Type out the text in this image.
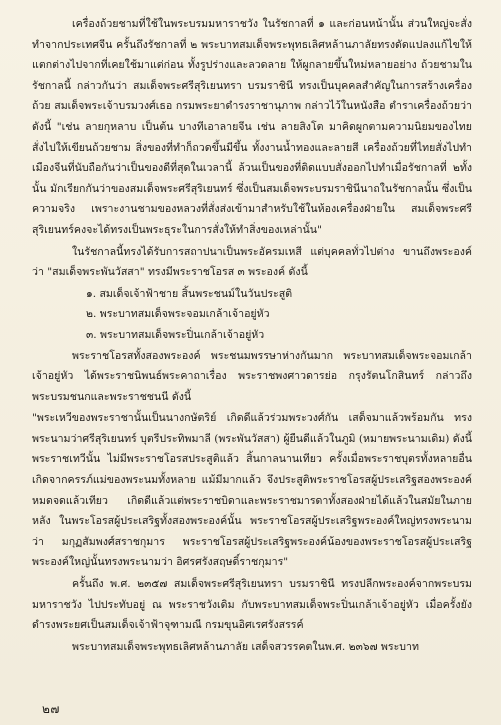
เครื่องถ้วยชามที่ใช้ในพระบรมมหาราชวัง ในรัชกาลที่ ๑ และก่อนหน้านั้น ส่วนใหญ่จะสั่งทำจากประเทศจีน ครั้นถึงรัชกาลที่ ๒ พระบาทสมเด็จพระพุทธเลิศหล้านภาลัยทรงดัดแปลงแก้ไขให้แตกต่างไปจากที่เคยใช้มาแต่ก่อน ทั้งรูปร่างและลวดลาย ให้ผูกลายขึ้นใหม่หลายอย่าง ถ้วยชามในรัชกาลนี้ กล่าวกันว่า สมเด็จพระศรีสุริเยนทรา บรมราชินี ทรงเป็นบุคคลสำคัญในการสร้างเครื่องถ้วย สมเด็จพระเจ้าบรมวงศ์เธอ กรมพระยาดำรงราชานุภาพ กล่าวไว้ในหนังสือ ตำราเครื่องถ้วยว่าดังนี้ "เช่น ลายกุหลาบ เป็นต้น บางทีเอาลายจีน เช่น ลายสิงโต มาคิดผูกตามความนิยมของไทย สั่งไปให้เขียนถ้วยชาม สิ่งของที่ทำก็ถวดขึ้นมีขึ้น ทั้งงานน้ำทองและลายสี เครื่องถ้วยที่ไทยสั่งไปทำเมืองจีนที่นับถือกันว่าเป็นของดีที่สุดในเวลานี้ ล้วนเป็นของที่ติดแบบสั่งออกไปทำเมื่อรัชกาลที่ ๒ทั้งนั้น มักเรียกกันว่าของสมเด็จพระศรีสุริเยนทร์ ซึ่งเป็นสมเด็จพระบรมราชินีนาถในรัชกาลนั้น ซึ่งเป็นความจริง เพราะงานชามของหลวงที่สั่งส่งเข้ามาสำหรับใช้ในห้องเครื่องฝ่ายใน สมเด็จพระศรีสุริเยนทร์คงจะได้ทรงเป็นพระธุระในการสั่งให้ทำสิ่งของเหล่านั้น"

ในรัชกาลนี้ทรงได้รับการสถาปนาเป็นพระอัครมเหสี แต่บุคคลทั่วไปต่าง ขานถึงพระองค์ว่า "สมเด็จพระพันวัสสา" ทรงมีพระราชโอรส ๓ พระองค์ ดังนี้

๑. สมเด็จเจ้าฟ้าชาย สิ้นพระชนม์ในวันประสูติ
๒. พระบาทสมเด็จพระจอมเกล้าเจ้าอยู่หัว
๓. พระบาทสมเด็จพระปิ่นเกล้าเจ้าอยู่หัว

พระราชโอรสทั้งสองพระองค์ พระชนมพรรษาห่างกันมาก พระบาทสมเด็จพระจอมเกล้าเจ้าอยู่หัว ได้พระราชนิพนธ์พระคาถาเรื่อง พระราชพงศาวดารย่อ กรุงรัตนโกสินทร์ กล่าวถึงพระบรมชนกและพระราชชนนี ดังนี้

"พระเหวีของพระราชานั้นเป็นนางกษัตริย์ เกิดดีแล้วร่วมพระวงศ์กัน เสด็จมาแล้วพร้อมกัน ทรงพระนามว่าศรีสุริเยนทร์ บุตรีประทิพมาลี (พระพันวัสสา) ผู้ยืนดีแล้วในภูมิ (หมายพระนามเดิม) ดังนี้ พระราชเทวีนั้น ไม่มีพระราชโอรสประสูติแล้ว สิ้นกาลนานเทียว ครั้งเมื่อพระราชบุตรทั้งหลายอื่นเกิดจากครรภ์แม่ของพระนมทั้งหลาย แม้มีมากแล้ว จึงประสูติพระราชโอรสผู้ประเสริฐสองพระองค์หมดจดแล้วเทียว เกิดดีแล้วแต่พระราชบิดาและพระราชมารดาทั้งสองฝ่ายได้แล้วในสมัยในภายหลัง ในพระโอรสผู้ประเสริฐทั้งสองพระองค์นั้น พระราชโอรสผู้ประเสริฐพระองค์ใหญ่ทรงพระนามว่า มกุฏสัมพงศ์สราชกุมาร พระราชโอรสผู้ประเสริฐพระองค์น้องของพระราชโอรสผู้ประเสริฐพระองค์ใหญ่นั้นทรงพระนามว่า อิศรศรังสฤษดิ์ราชกุมาร"

ครั้นถึง พ.ศ. ๒๓๕๗ สมเด็จพระศรีสุริเยนทรา บรมราชินี ทรงปลีกพระองค์จากพระบรมมหาราชวัง ไปประทับอยู่ ณ พระราชวังเดิม กับพระบาทสมเด็จพระปิ่นเกล้าเจ้าอยู่หัว เมื่อครั้งยังดำรงพระยศเป็นสมเด็จเจ้าฟ้าจุฑามณี กรมขุนอิศเรศรังสรรค์

พระบาทสมเด็จพระพุทธเลิศหล้านภาลัย เสด็จสวรรคตในพ.ศ. ๒๓๖๗ พระบาท

๒๗
